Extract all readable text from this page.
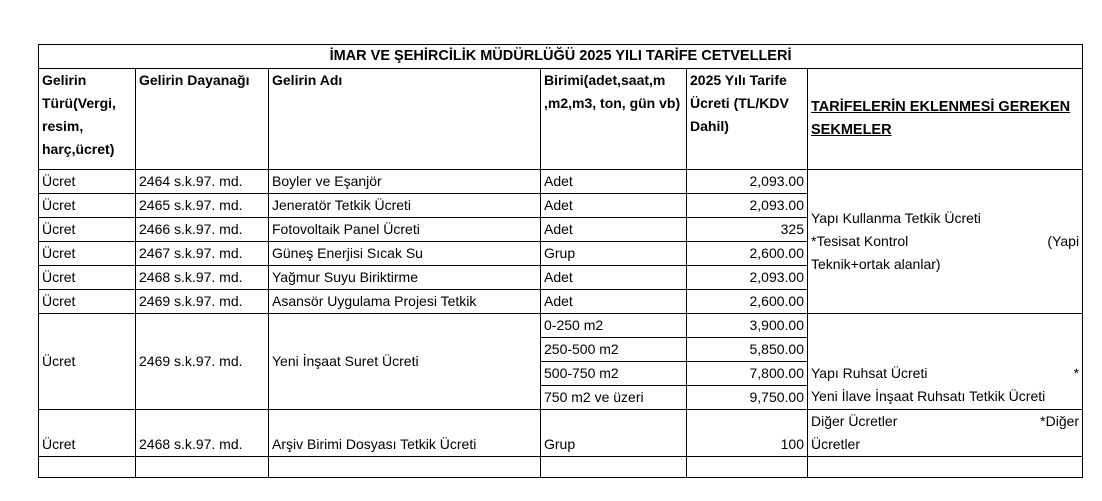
İMAR VE ŞEHİRCİLİK MÜDÜRLÜĞÜ 2025 YILI TARİFE CETVELLERİ					
Gelirin Türü(Vergi, resim, harç,ücret)	Gelirin Dayanağı	Gelirin Adı	Birimi(adet,saat,m ,m2,m3, ton, gün vb)	2025 Yılı Tarife Ücreti (TL/KDV Dahil)	TARİFELERİN EKLENMESİ GEREKEN SEKMELER
Ücret	2464 s.k.97. md.	Boyler ve Eşanjör	Adet	2,093.00	Yapı Kullanma Tetkik Ücreti
*Tesisat Kontrol (Yapi
Teknik+ortak alanlar)

Ücret	2465 s.k.97. md.	Jeneratör Tetkik Ücreti	Adet	2,093.00	
Ücret	2466 s.k.97. md.	Fotovoltaik Panel Ücreti	Adet	325	
Ücret	2467 s.k.97. md.	Güneş Enerjisi Sıcak Su	Grup	2,600.00	
Ücret	2468 s.k.97. md.	Yağmur Suyu Biriktirme	Adet	2,093.00	
Ücret	2469 s.k.97. md.	Asansör Uygulama Projesi Tetkik	Adet	2,600.00	
Ücret	2469 s.k.97. md.	Yeni İnşaat Suret Ücreti	0-250 m2	3,900.00	
			250-500 m2	5,850.00	
			500-750 m2	7,800.00	Yapı Ruhsat Ücreti *
Yeni İlave İnşaat Ruhsatı Tetkik Ücreti

			750 m2 ve üzeri	9,750.00	
Ücret	2468 s.k.97. md.	Arşiv Birimi Dosyası Tetkik Ücreti	Grup	100	Diğer Ücretler *Diğer
Ücretler
